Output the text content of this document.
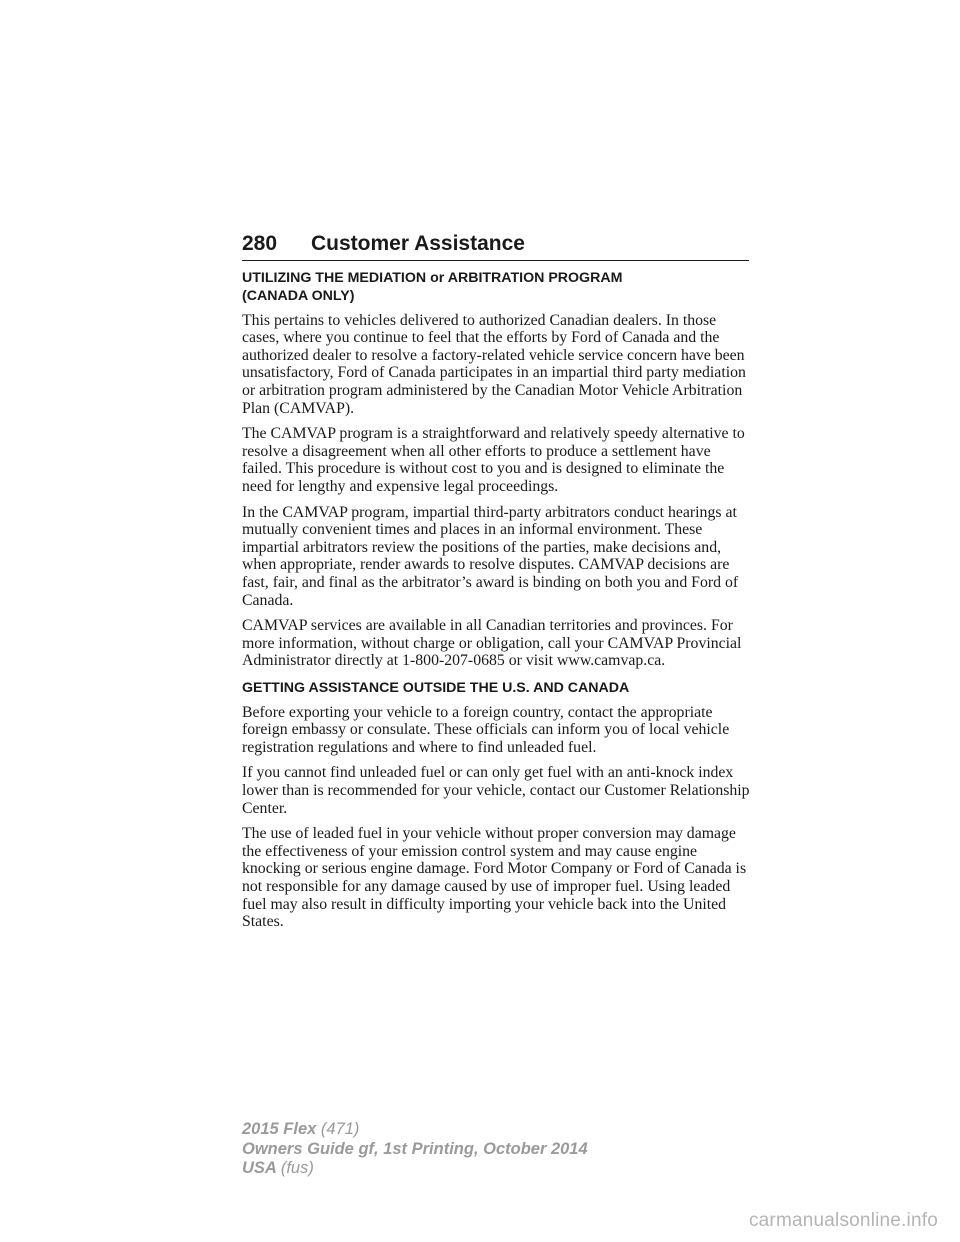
280 Customer Assistance
UTILIZING THE MEDIATION or ARBITRATION PROGRAM
(CANADA ONLY)

This pertains to vehicles delivered to authorized Canadian dealers. In those cases, where you continue to feel that the efforts by Ford of Canada and the authorized dealer to resolve a factory-related vehicle service concern have been unsatisfactory, Ford of Canada participates in an impartial third party mediation or arbitration program administered by the Canadian Motor Vehicle Arbitration Plan (CAMVAP).

The CAMVAP program is a straightforward and relatively speedy alternative to resolve a disagreement when all other efforts to produce a settlement have failed. This procedure is without cost to you and is designed to eliminate the need for lengthy and expensive legal proceedings.

In the CAMVAP program, impartial third-party arbitrators conduct hearings at mutually convenient times and places in an informal environment. These impartial arbitrators review the positions of the parties, make decisions and, when appropriate, render awards to resolve disputes. CAMVAP decisions are fast, fair, and final as the arbitrator’s award is binding on both you and Ford of Canada.

CAMVAP services are available in all Canadian territories and provinces. For more information, without charge or obligation, call your CAMVAP Provincial Administrator directly at 1-800-207-0685 or visit www.camvap.ca.

GETTING ASSISTANCE OUTSIDE THE U.S. AND CANADA

Before exporting your vehicle to a foreign country, contact the appropriate foreign embassy or consulate. These officials can inform you of local vehicle registration regulations and where to find unleaded fuel.

If you cannot find unleaded fuel or can only get fuel with an anti-knock index lower than is recommended for your vehicle, contact our Customer Relationship Center.

The use of leaded fuel in your vehicle without proper conversion may damage the effectiveness of your emission control system and may cause engine knocking or serious engine damage. Ford Motor Company or Ford of Canada is not responsible for any damage caused by use of improper fuel. Using leaded fuel may also result in difficulty importing your vehicle back into the United States.

2015 Flex (471)
Owners Guide gf, 1st Printing, October 2014
USA (fus)
carmanualsonline.info
